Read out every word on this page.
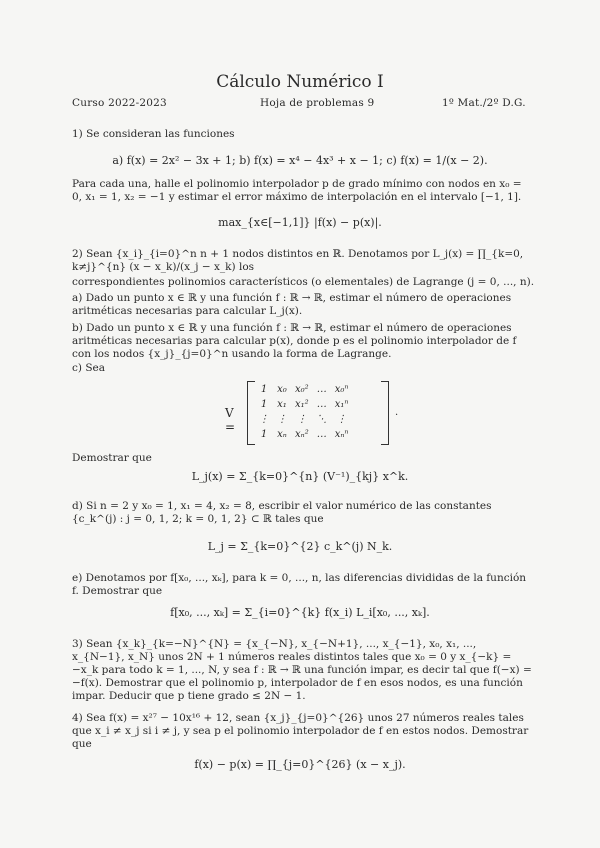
Cálculo Numérico I
Curso 2022-2023	Hoja de problemas 9	1º Mat./2º D.G.
1) Se consideran las funciones
a) f(x) = 2x² − 3x + 1; b) f(x) = x⁴ − 4x³ + x − 1; c) f(x) = 1/(x − 2).
Para cada una, halle el polinomio interpolador p de grado mínimo con nodos en x₀ = 0, x₁ = 1, x₂ = −1 y estimar el error máximo de interpolación en el intervalo [−1, 1].
max_{x∈[−1,1]} |f(x) − p(x)|.
2) Sean {x_i}_{i=0}^n n + 1 nodos distintos en ℝ. Denotamos por L_j(x) = ∏_{k=0, k≠j}^{n} (x − x_k)/(x_j − x_k) los
correspondientes polinomios característicos (o elementales) de Lagrange (j = 0, ..., n).
a) Dado un punto x ∈ ℝ y una función f : ℝ → ℝ, estimar el número de operaciones aritméticas necesarias para calcular L_j(x).
b) Dado un punto x ∈ ℝ y una función f : ℝ → ℝ, estimar el número de operaciones aritméticas necesarias para calcular p(x), donde p es el polinomio interpolador de f con los nodos {x_j}_{j=0}^n usando la forma de Lagrange.
c) Sea
V =
1	x₀	x₀²	…	x₀ⁿ
1	x₁	x₁²	…	x₁ⁿ
⋮	⋮	⋮	⋱	⋮
1	xₙ	xₙ²	…	xₙⁿ
.
Demostrar que
L_j(x) = Σ_{k=0}^{n} (V⁻¹)_{kj} x^k.
d) Si n = 2 y x₀ = 1, x₁ = 4, x₂ = 8, escribir el valor numérico de las constantes {c_k^(j) : j = 0, 1, 2; k = 0, 1, 2} ⊂ ℝ tales que
L_j = Σ_{k=0}^{2} c_k^(j) N_k.
e) Denotamos por f[x₀, ..., xₖ], para k = 0, ..., n, las diferencias divididas de la función f. Demostrar que
f[x₀, ..., xₖ] = Σ_{i=0}^{k} f(x_i) L_i[x₀, ..., xₖ].
3) Sean {x_k}_{k=−N}^{N} = {x_{−N}, x_{−N+1}, ..., x_{−1}, x₀, x₁, ..., x_{N−1}, x_N} unos 2N + 1 números reales distintos tales que x₀ = 0 y x_{−k} = −x_k para todo k = 1, ..., N, y sea f : ℝ → ℝ una función impar, es decir tal que f(−x) = −f(x). Demostrar que el polinomio p, interpolador de f en esos nodos, es una función impar. Deducir que p tiene grado ≤ 2N − 1.
4) Sea f(x) = x²⁷ − 10x¹⁶ + 12, sean {x_j}_{j=0}^{26} unos 27 números reales tales que x_i ≠ x_j si i ≠ j, y sea p el polinomio interpolador de f en estos nodos. Demostrar que
f(x) − p(x) = ∏_{j=0}^{26} (x − x_j).
